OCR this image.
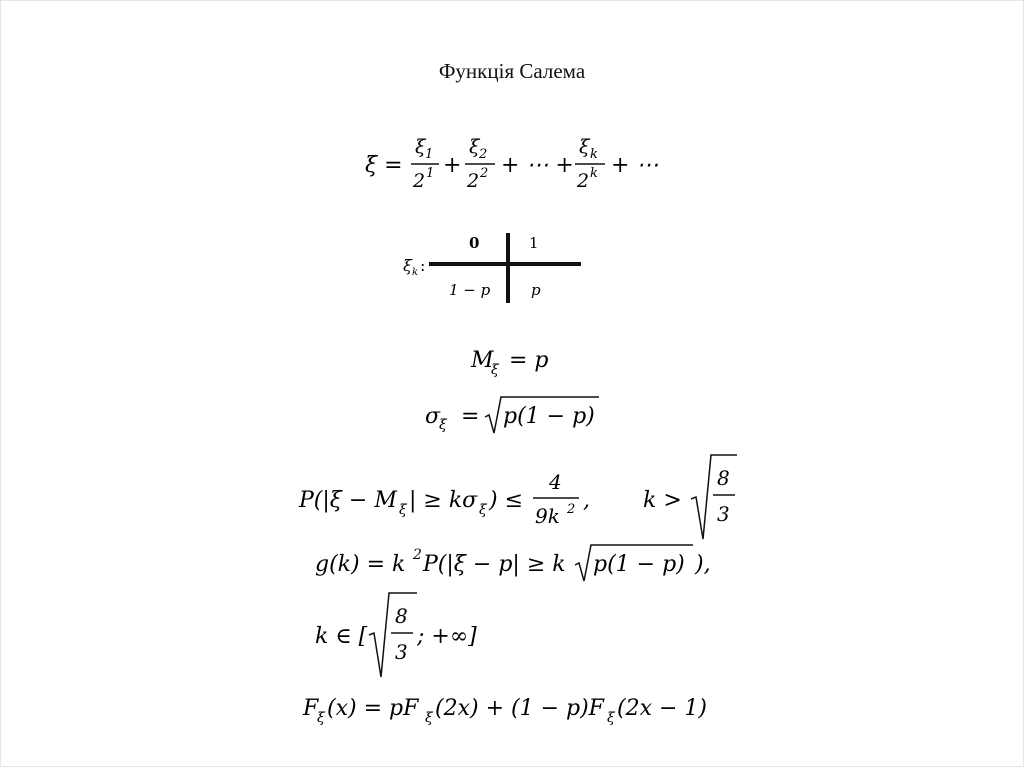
Функція Салема
ξ =
ξ 1
2 1 +
ξ 2
2 2 + ⋯ +
ξ k
2 k + ⋯
ξ k :
0	1
1 − p	p
M
ξ = p
σ
ξ = p(1 − p)
P(|ξ − M ξ | ≥ kσ ξ ) ≤
4
9k 2 , k >
8
3
g(k) = k 2 P(|ξ − p| ≥ k p(1 − p) ),
k ∈ [
8
3
; +∞]
F
ξ (x) = pF ξ (2x) + (1 − p)F ξ (2x − 1)
